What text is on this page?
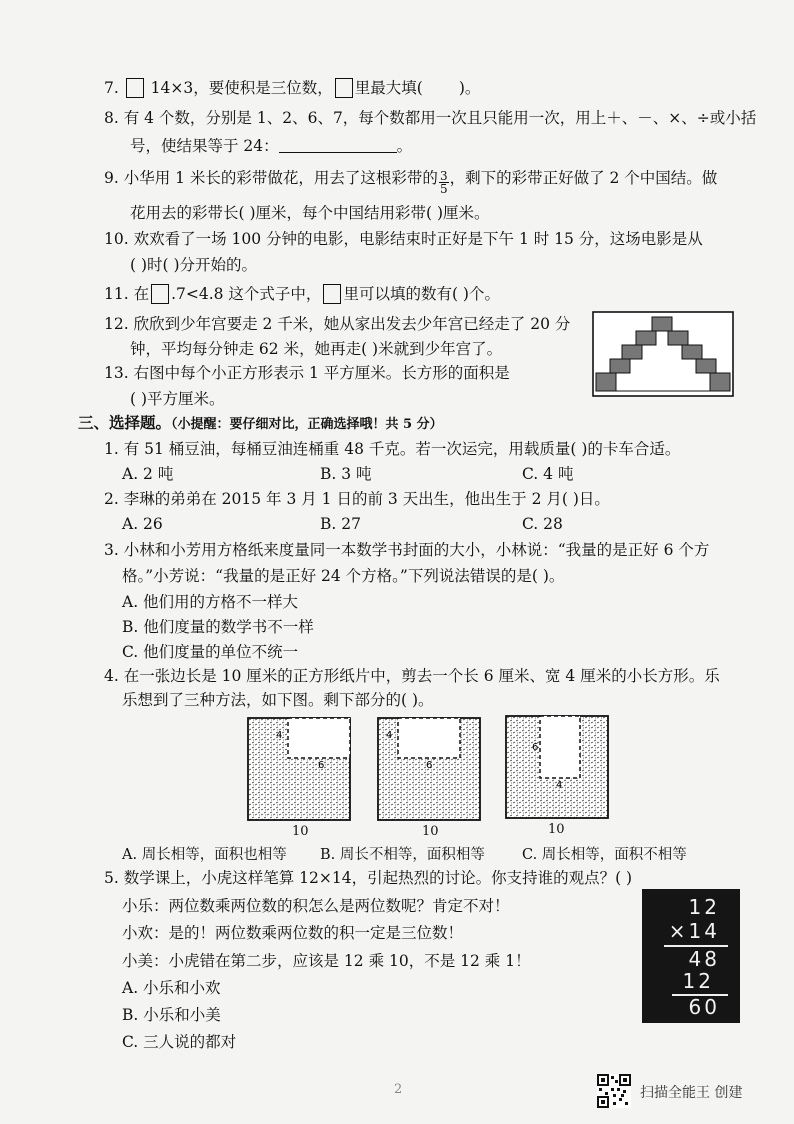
7. 14×3，要使积是三位数， 里最大填( )。
8. 有 4 个数，分别是 1、2、6、7，每个数都用一次且只能用一次，用上＋、－、×、÷或小括
号，使结果等于 24：	。
9. 小华用 1 米长的彩带做花，用去了这根彩带的 $\frac{3}{5}$ ，剩下的彩带正好做了 2 个中国结。做
花用去的彩带长( )厘米，每个中国结用彩带( )厘米。
10. 欢欢看了一场 100 分钟的电影，电影结束时正好是下午 1 时 15 分，这场电影是从
( )时( )分开始的。
11. 在 .7<4.8 这个式子中， 里可以填的数有( )个。
12. 欣欣到少年宫要走 2 千米，她从家出发去少年宫已经走了 20 分
钟，平均每分钟走 62 米，她再走( )米就到少年宫了。
13. 右图中每个小正方形表示 1 平方厘米。长方形的面积是
( )平方厘米。
三、选择题。（小提醒：要仔细对比，正确选择哦！共 5 分）
1. 有 51 桶豆油，每桶豆油连桶重 48 千克。若一次运完，用载质量( )的卡车合适。
A. 2 吨	B. 3 吨	C. 4 吨
2. 李琳的弟弟在 2015 年 3 月 1 日的前 3 天出生，他出生于 2 月( )日。
A. 26	B. 27	C. 28
3. 小林和小芳用方格纸来度量同一本数学书封面的大小，小林说：“我量的是正好 6 个方
格。”小芳说：“我量的是正好 24 个方格。”下列说法错误的是( )。
A. 他们用的方格不一样大
B. 他们度量的数学书不一样
C. 他们度量的单位不统一
4. 在一张边长是 10 厘米的正方形纸片中，剪去一个长 6 厘米、宽 4 厘米的小长方形。乐
乐想到了三种方法，如下图。剩下部分的( )。
4
6
4
6
6
4
10	10	10
A. 周长相等，面积也相等 B. 周长不相等，面积相等	C. 周长相等，面积不相等
5. 数学课上，小虎这样笔算 12×14，引起热烈的讨论。你支持谁的观点？( )
小乐：两位数乘两位数的积怎么是两位数呢？肯定不对！
小欢：是的！两位数乘两位数的积一定是三位数！
小美：小虎错在第二步，应该是 12 乘 10，不是 12 乘 1！
A. 小乐和小欢
B. 小乐和小美
C. 三人说的都对
12
×14
48
12
60
2	扫描全能王 创建
